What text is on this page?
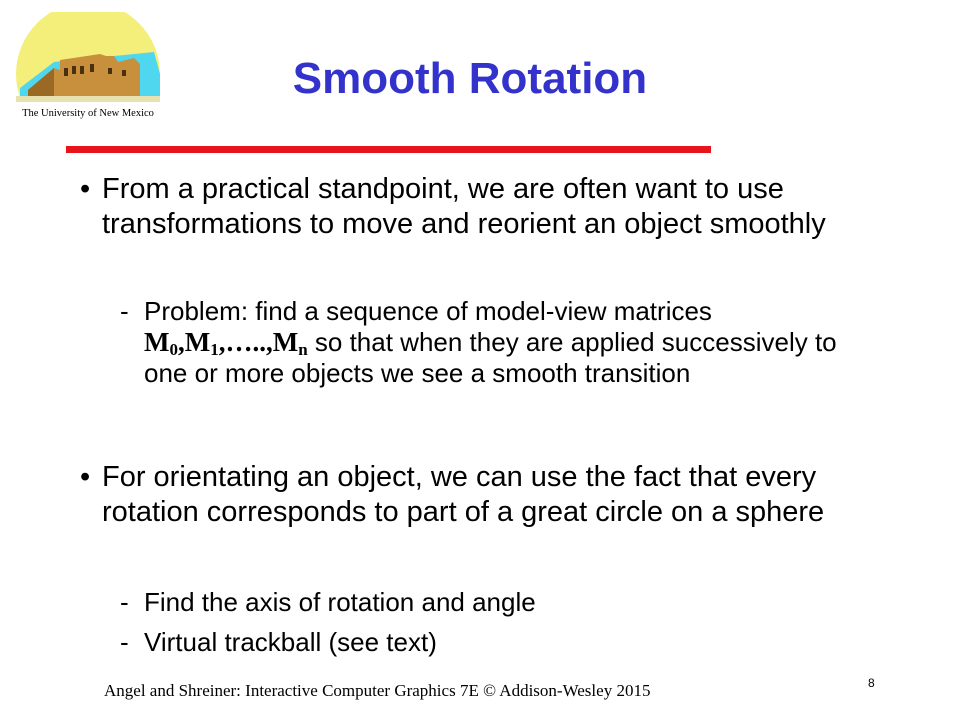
The University of New Mexico
Smooth Rotation

• From a practical standpoint, we are often want to use transformations to move and reorient an object smoothly

- Problem: find a sequence of model-view matrices $M_0,M_1,\dots..,M_n$ so that when they are applied successively to one or more objects we see a smooth transition

• For orientating an object, we can use the fact that every rotation corresponds to part of a great circle on a sphere

- Find the axis of rotation and angle

- Virtual trackball (see text)

Angel and Shreiner: Interactive Computer Graphics 7E © Addison-Wesley 2015	8
